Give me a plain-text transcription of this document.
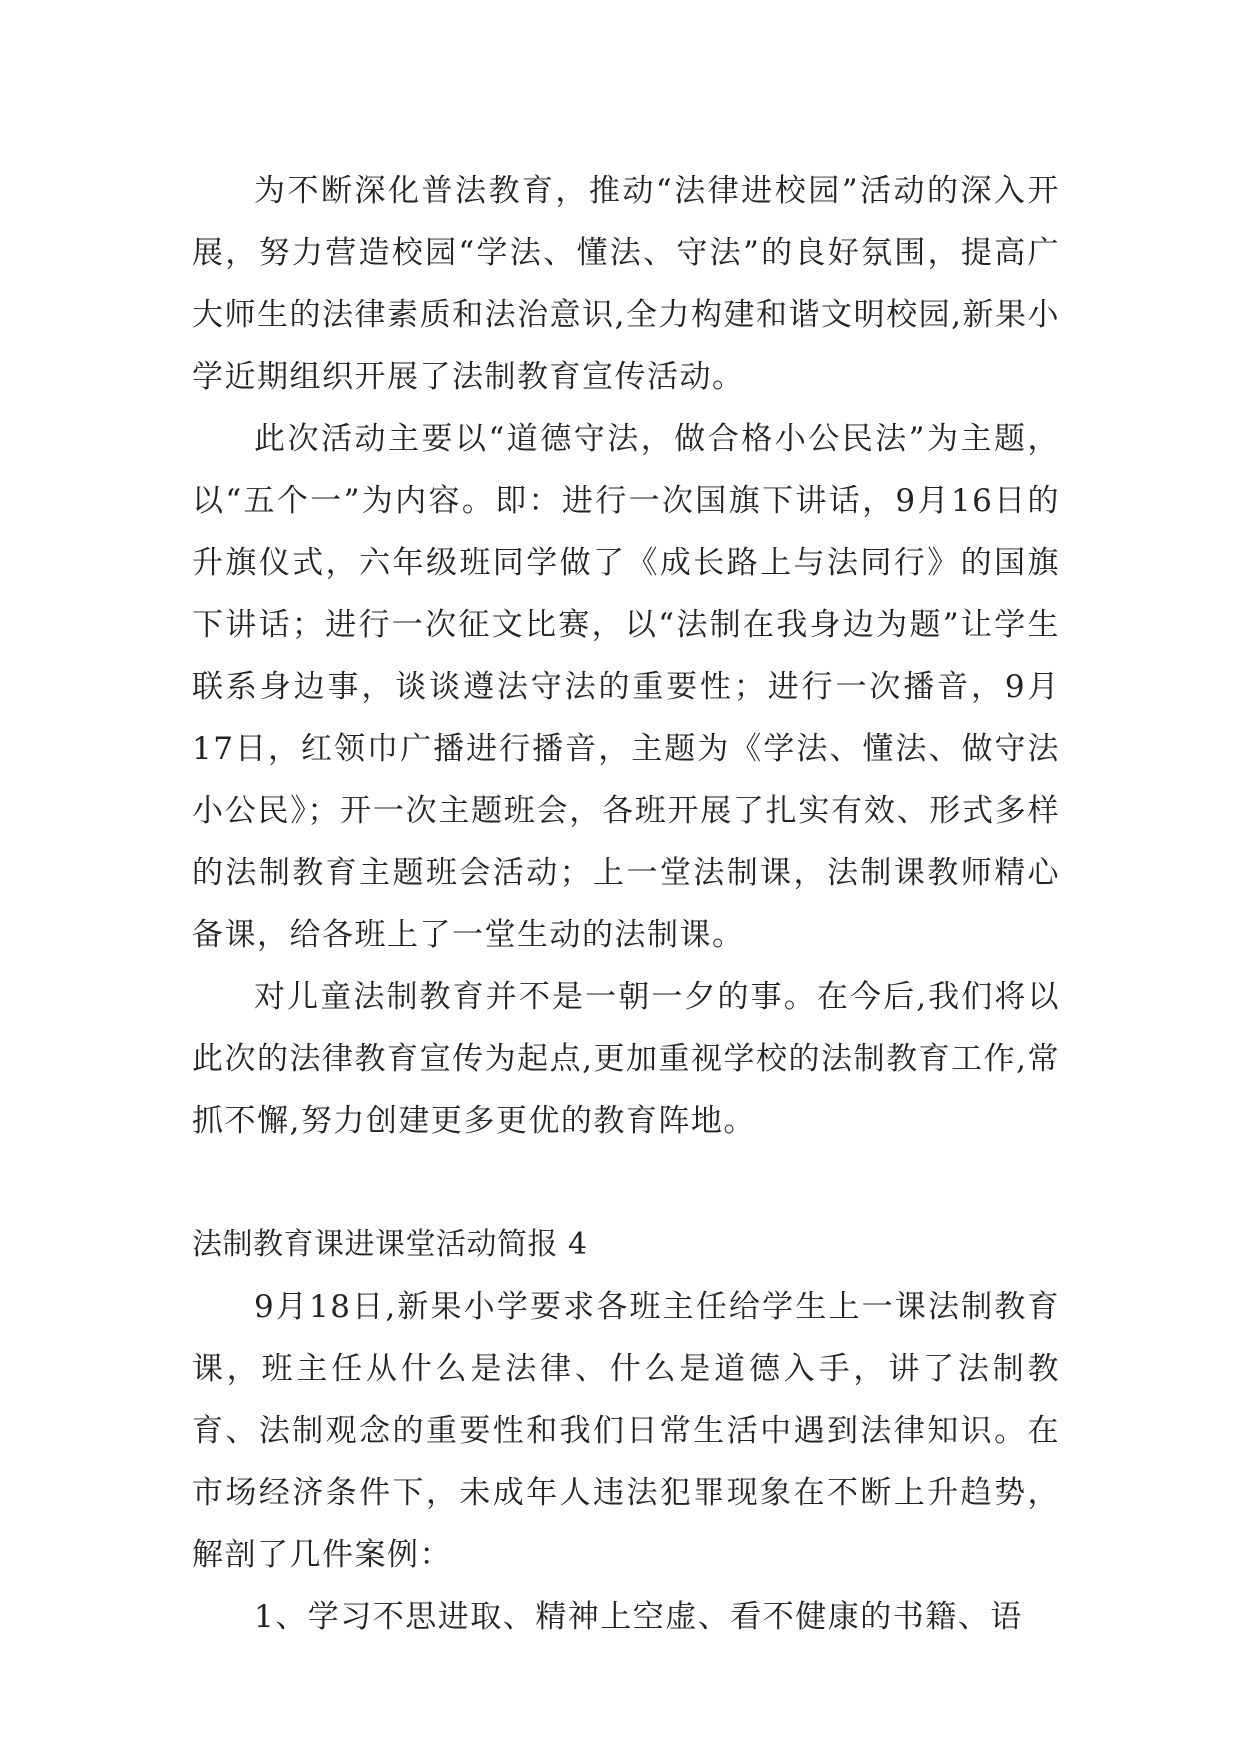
为不断深化普法教育，推动“法律进校园”活动的深入开展，努力营造校园“学法、懂法、守法”的良好氛围，提高广大师生的法律素质和法治意识,全力构建和谐文明校园,新果小学近期组织开展了法制教育宣传活动。

此次活动主要以“道德守法，做合格小公民法”为主题，以“五个一”为内容。即：进行一次国旗下讲话，9月16日的升旗仪式，六年级班同学做了《成长路上与法同行》的国旗下讲话；进行一次征文比赛，以“法制在我身边为题”让学生联系身边事，谈谈遵法守法的重要性；进行一次播音，9月17日，红领巾广播进行播音，主题为《学法、懂法、做守法小公民》；开一次主题班会，各班开展了扎实有效、形式多样的法制教育主题班会活动；上一堂法制课，法制课教师精心备课，给各班上了一堂生动的法制课。

对儿童法制教育并不是一朝一夕的事。在今后,我们将以此次的法律教育宣传为起点,更加重视学校的法制教育工作,常抓不懈,努力创建更多更优的教育阵地。

法制教育课进课堂活动简报 4

9月18日,新果小学要求各班主任给学生上一课法制教育课，班主任从什么是法律、什么是道德入手，讲了法制教育、法制观念的重要性和我们日常生活中遇到法律知识。在市场经济条件下，未成年人违法犯罪现象在不断上升趋势，解剖了几件案例：

1、学习不思进取、精神上空虚、看不健康的书籍、语
